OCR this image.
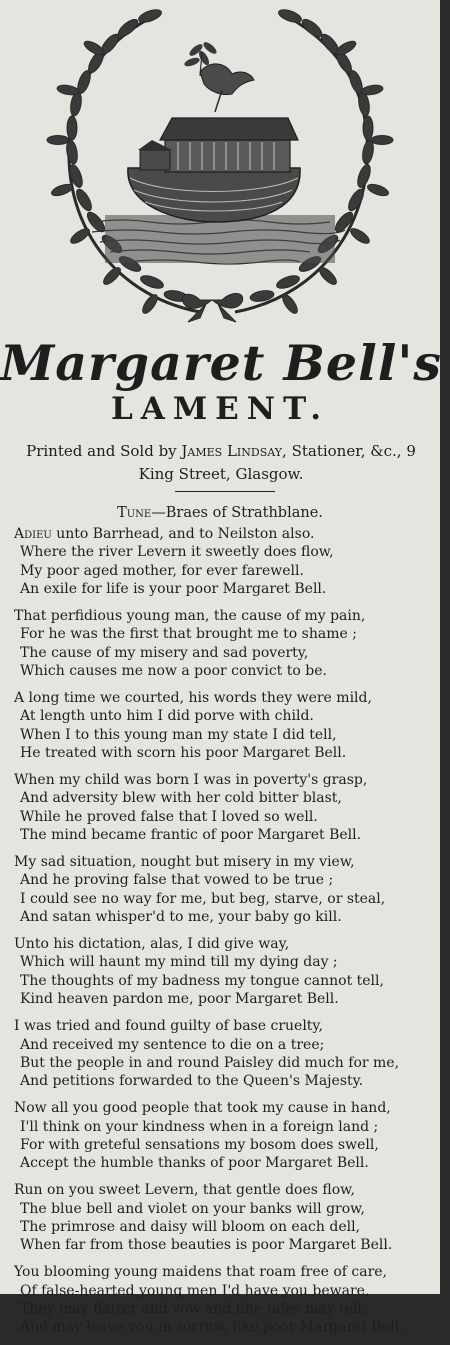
Margaret Bell's
LAMENT.
Printed and Sold by James Lindsay, Stationer, &c., 9
King Street, Glasgow.
Tune—Braes of Strathblane.
Adieu unto Barrhead, and to Neilston also.
Where the river Levern it sweetly does flow,
My poor aged mother, for ever farewell.
An exile for life is your poor Margaret Bell.
That perfidious young man, the cause of my pain,
For he was the first that brought me to shame ;
The cause of my misery and sad poverty,
Which causes me now a poor convict to be.
A long time we courted, his words they were mild,
At length unto him I did porve with child.
When I to this young man my state I did tell,
He treated with scorn his poor Margaret Bell.
When my child was born I was in poverty's grasp,
And adversity blew with her cold bitter blast,
While he proved false that I loved so well.
The mind became frantic of poor Margaret Bell.
My sad situation, nought but misery in my view,
And he proving false that vowed to be true ;
I could see no way for me, but beg, starve, or steal,
And satan whisper'd to me, your baby go kill.
Unto his dictation, alas, I did give way,
Which will haunt my mind till my dying day ;
The thoughts of my badness my tongue cannot tell,
Kind heaven pardon me, poor Margaret Bell.
I was tried and found guilty of base cruelty,
And received my sentence to die on a tree;
But the people in and round Paisley did much for me,
And petitions forwarded to the Queen's Majesty.
Now all you good people that took my cause in hand,
I'll think on your kindness when in a foreign land ;
For with greteful sensations my bosom does swell,
Accept the humble thanks of poor Margaret Bell.
Run on you sweet Levern, that gentle does flow,
The blue bell and violet on your banks will grow,
The primrose and daisy will bloom on each dell,
When far from those beauties is poor Margaret Bell.
You blooming young maidens that roam free of care,
Of false-hearted young men I'd have you beware,
They may flatter and vow and fine tales may tell,
And may leave you in sorrow, like poor Margaret Bell.
